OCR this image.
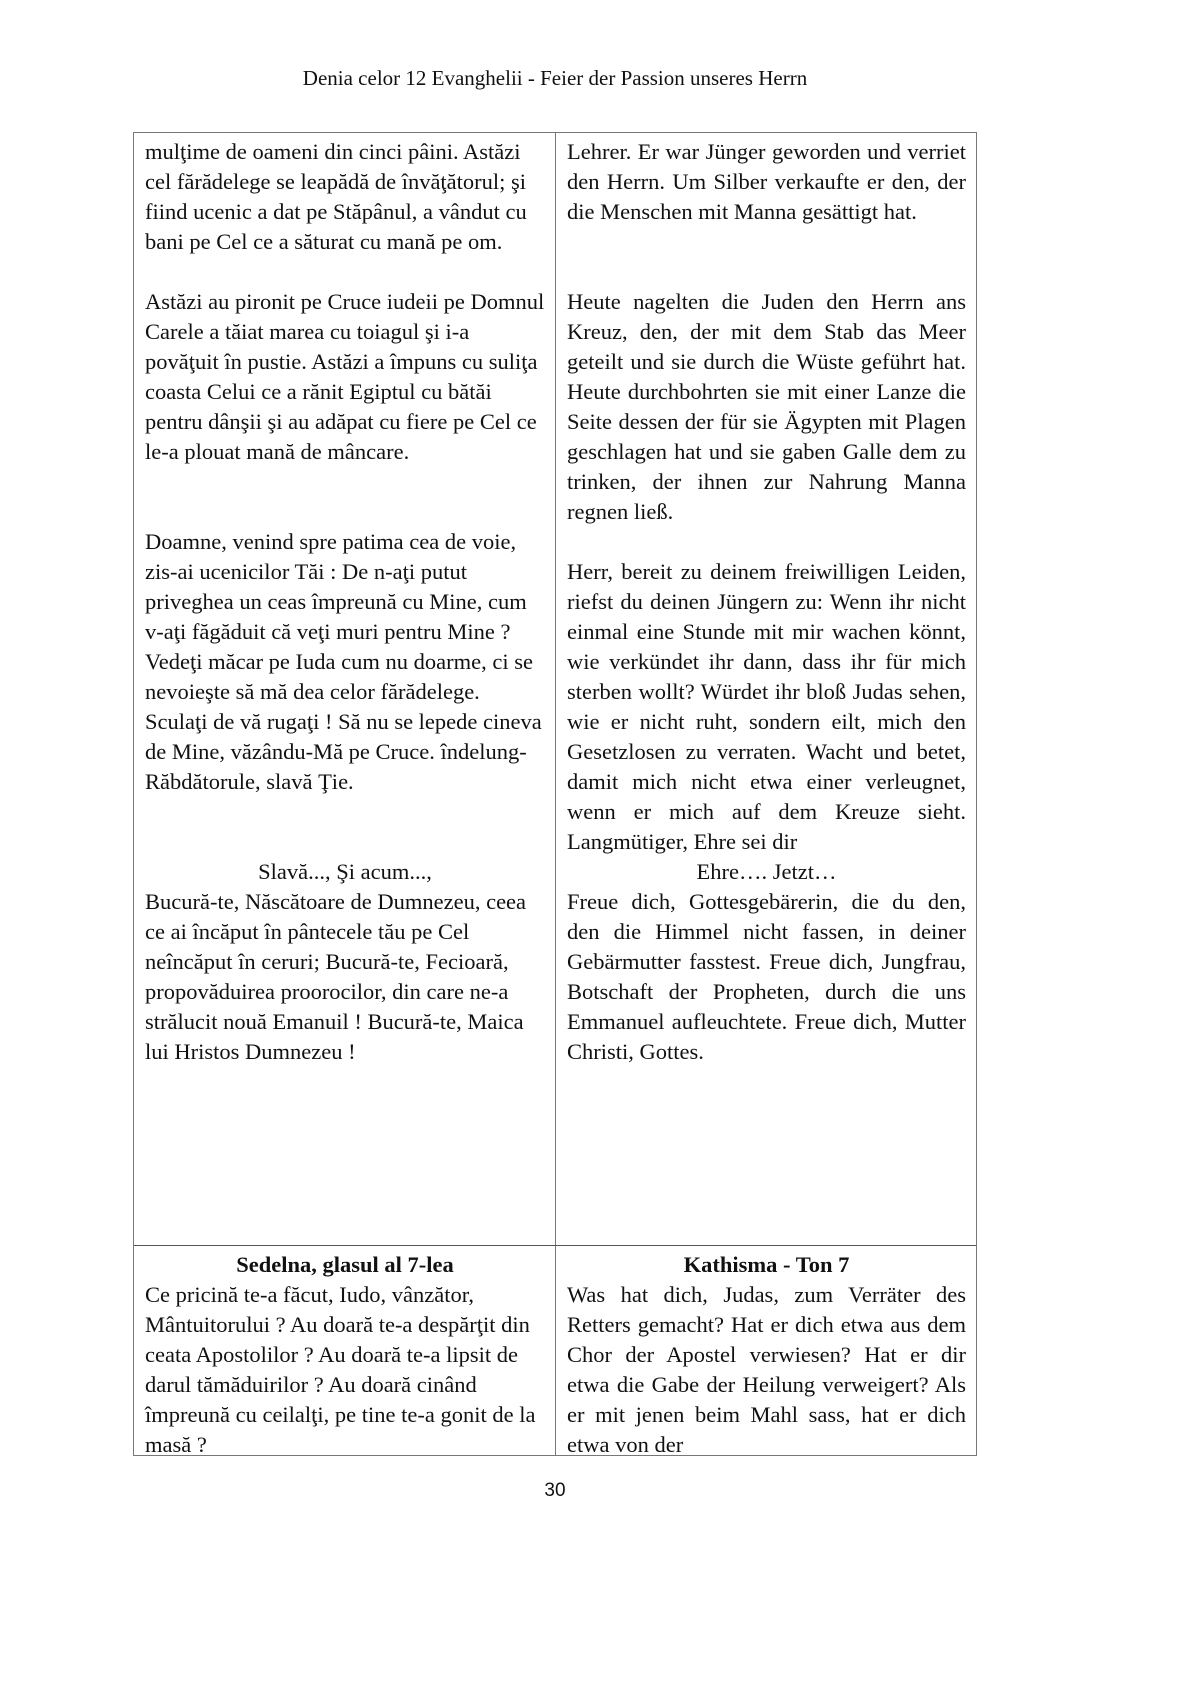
Denia celor 12 Evanghelii - Feier der Passion unseres Herrn

mulţime de oameni din cinci pâini. Astăzi cel fărădelege se leapădă de învăţătorul; şi fiind ucenic a dat pe Stăpânul, a vândut cu bani pe Cel ce a săturat cu mană pe om.

Astăzi au pironit pe Cruce iudeii pe Domnul Carele a tăiat marea cu toiagul şi i-a povăţuit în pustie. Astăzi a împuns cu suliţa coasta Celui ce a rănit Egiptul cu bătăi pentru dânşii şi au adăpat cu fiere pe Cel ce le-a plouat mană de mâncare.

Doamne, venind spre patima cea de voie, zis-ai ucenicilor Tăi : De n-aţi putut priveghea un ceas împreună cu Mine, cum v-aţi făgăduit că veţi muri pentru Mine ? Vedeţi măcar pe Iuda cum nu doarme, ci se nevoieşte să mă dea celor fărădelege. Sculaţi de vă rugaţi ! Să nu se lepede cineva de Mine, văzându-Mă pe Cruce. îndelung-Răbdătorule, slavă Ţie.

Slavă..., Şi acum...,

Bucură-te, Născătoare de Dumnezeu, ceea ce ai încăput în pântecele tău pe Cel neîncăput în ceruri; Bucură-te, Fecioară, propovăduirea proorocilor, din care ne-a strălucit nouă Emanuil ! Bucură-te, Maica lui Hristos Dumnezeu !

Lehrer. Er war Jünger geworden und verriet den Herrn. Um Silber verkaufte er den, der die Menschen mit Manna gesättigt hat.

Heute nagelten die Juden den Herrn ans Kreuz, den, der mit dem Stab das Meer geteilt und sie durch die Wüste geführt hat. Heute durchbohrten sie mit einer Lanze die Seite dessen der für sie Ägypten mit Plagen geschlagen hat und sie gaben Galle dem zu trinken, der ihnen zur Nahrung Manna regnen ließ.

Herr, bereit zu deinem freiwilligen Leiden, riefst du deinen Jüngern zu: Wenn ihr nicht einmal eine Stunde mit mir wachen könnt, wie verkündet ihr dann, dass ihr für mich sterben wollt? Würdet ihr bloß Judas sehen, wie er nicht ruht, sondern eilt, mich den Gesetzlosen zu verraten. Wacht und betet, damit mich nicht etwa einer verleugnet, wenn er mich auf dem Kreuze sieht. Langmütiger, Ehre sei dir

Ehre…. Jetzt…

Freue dich, Gottesgebärerin, die du den, den die Himmel nicht fassen, in deiner Gebärmutter fasstest. Freue dich, Jungfrau, Botschaft der Propheten, durch die uns Emmanuel aufleuchtete. Freue dich, Mutter Christi, Gottes.

Sedelna, glasul al 7-lea

Ce pricină te-a făcut, Iudo, vânzător, Mântuitorului ? Au doară te-a despărţit din ceata Apostolilor ? Au doară te-a lipsit de darul tămăduirilor ? Au doară cinând împreună cu ceilalţi, pe tine te-a gonit de la masă ?

Kathisma - Ton 7

Was hat dich, Judas, zum Verräter des Retters gemacht? Hat er dich etwa aus dem Chor der Apostel verwiesen? Hat er dir etwa die Gabe der Heilung verweigert? Als er mit jenen beim Mahl sass, hat er dich etwa von der

30
